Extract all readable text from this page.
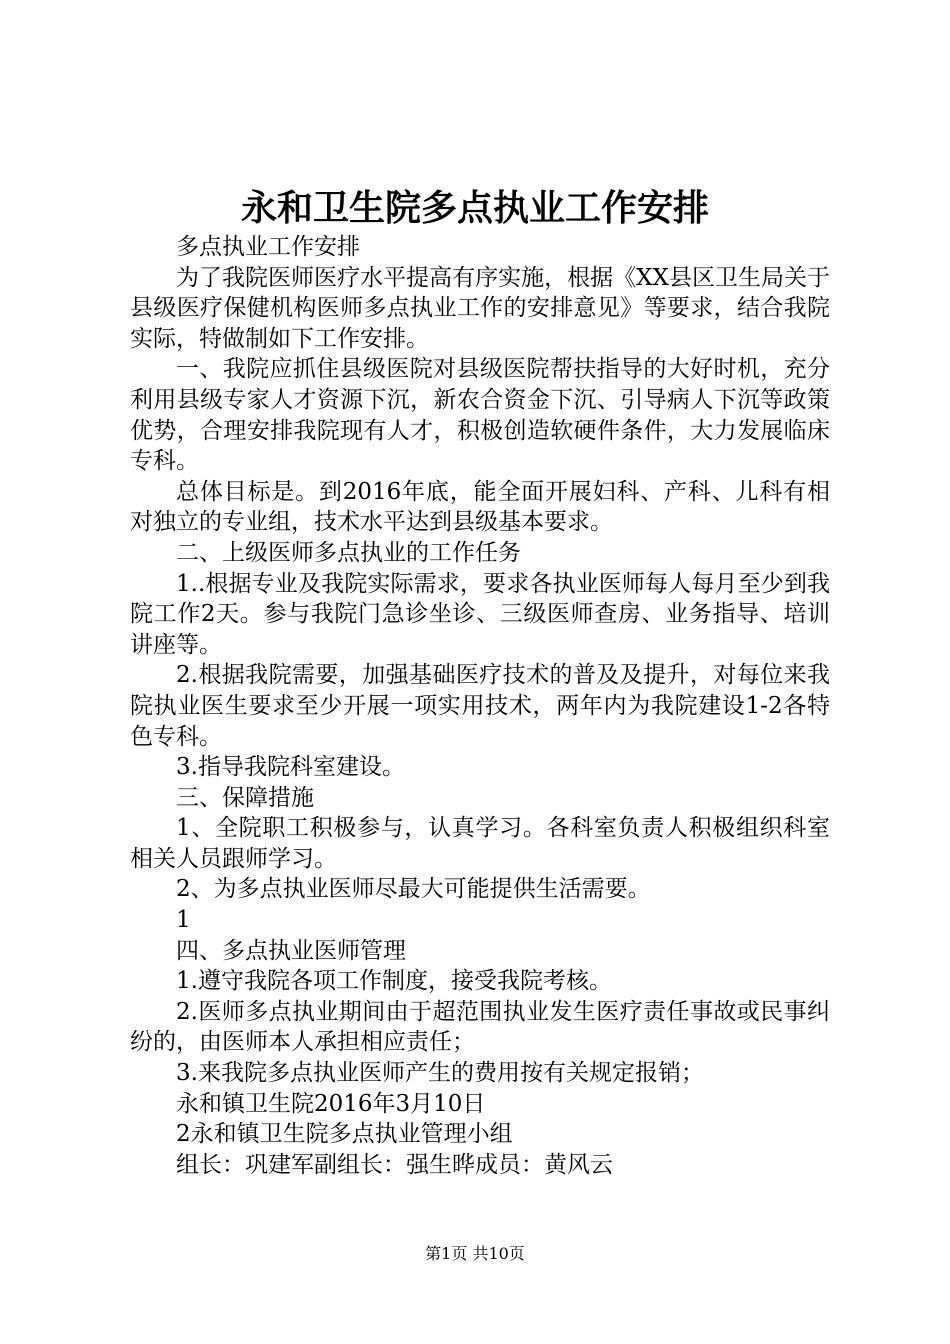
永和卫生院多点执业工作安排

多点执业工作安排

为了我院医师医疗水平提高有序实施，根据《XX县区卫生局关于县级医疗保健机构医师多点执业工作的安排意见》等要求，结合我院实际，特做制如下工作安排。

一、我院应抓住县级医院对县级医院帮扶指导的大好时机，充分利用县级专家人才资源下沉，新农合资金下沉、引导病人下沉等政策优势，合理安排我院现有人才，积极创造软硬件条件，大力发展临床专科。

总体目标是。到2016年底，能全面开展妇科、产科、儿科有相对独立的专业组，技术水平达到县级基本要求。

二、上级医师多点执业的工作任务

1..根据专业及我院实际需求，要求各执业医师每人每月至少到我院工作2天。参与我院门急诊坐诊、三级医师查房、业务指导、培训讲座等。

2.根据我院需要，加强基础医疗技术的普及及提升，对每位来我院执业医生要求至少开展一项实用技术，两年内为我院建设1-2各特色专科。

3.指导我院科室建设。

三、保障措施

1、全院职工积极参与，认真学习。各科室负责人积极组织科室相关人员跟师学习。

2、为多点执业医师尽最大可能提供生活需要。

1

四、多点执业医师管理

1.遵守我院各项工作制度，接受我院考核。

2.医师多点执业期间由于超范围执业发生医疗责任事故或民事纠纷的，由医师本人承担相应责任；

3.来我院多点执业医师产生的费用按有关规定报销；

永和镇卫生院2016年3月10日

2永和镇卫生院多点执业管理小组

组长：巩建军副组长：强生晔成员：黄风云

第1页 共10页
